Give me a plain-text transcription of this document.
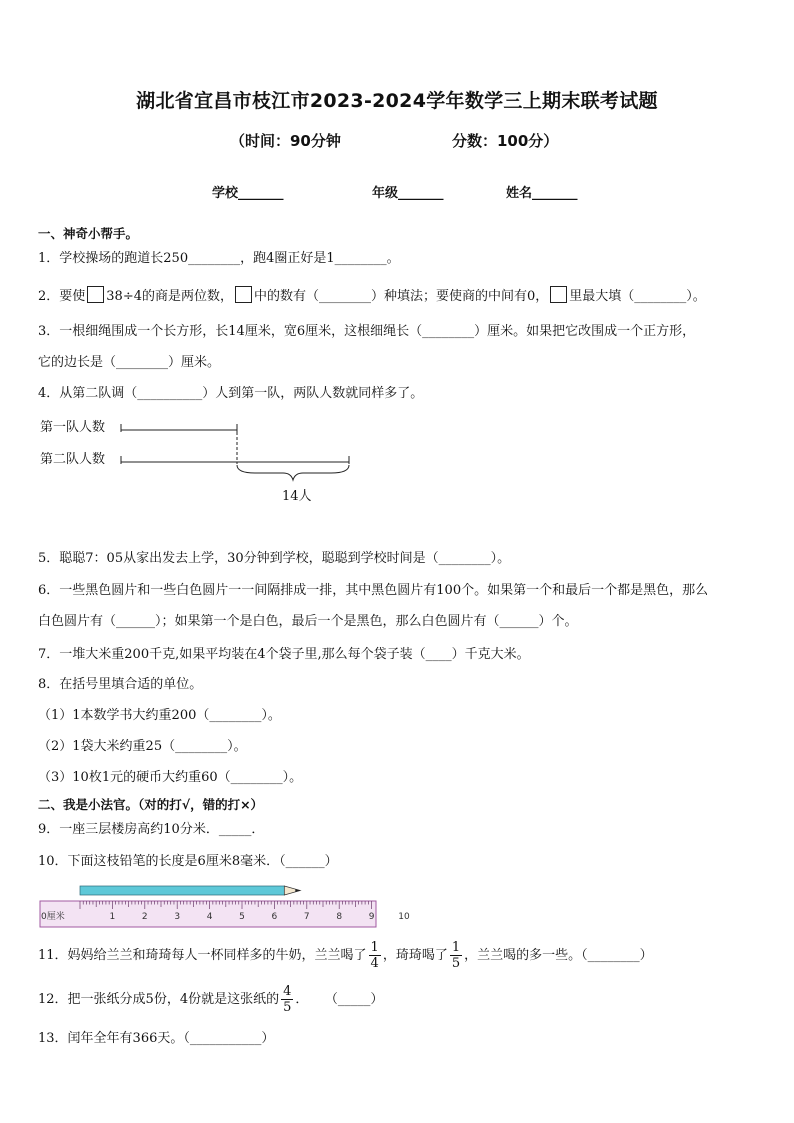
湖北省宜昌市枝江市2023-2024学年数学三上期末联考试题
（时间：90分钟	分数：100分）
学校_______	年级_______	姓名_______
一、神奇小帮手。
1．学校操场的跑道长250________，跑4圈正好是1________。
2．要使 38÷4的商是两位数， 中的数有（________）种填法；要使商的中间有0， 里最大填（________）。
3．一根细绳围成一个长方形，长14厘米，宽6厘米，这根细绳长（________）厘米。如果把它改围成一个正方形，
它的边长是（________）厘米。
4．从第二队调（__________）人到第一队，两队人数就同样多了。
第一队人数
第二队人数
14人
5．聪聪7：05从家出发去上学，30分钟到学校，聪聪到学校时间是（________）。
6．一些黑色圆片和一些白色圆片一一间隔排成一排，其中黑色圆片有100个。如果第一个和最后一个都是黑色，那么
白色圆片有（______）；如果第一个是白色，最后一个是黑色，那么白色圆片有（______）个。
7．一堆大米重200千克,如果平均装在4个袋子里,那么每个袋子装（____）千克大米。
8．在括号里填合适的单位。
（1）1本数学书大约重200（________）。
（2）1袋大米约重25（________）。
（3）10枚1元的硬币大约重60（________）。
二、我是小法官。（对的打√，错的打×）
9．一座三层楼房高约10分米．_____．
10．下面这枝铅笔的长度是6厘米8毫米．（______）
0厘米	1	2	3	4	5	6	7	8	9	10
11．妈妈给兰兰和琦琦每人一杯同样多的牛奶，兰兰喝了 $\frac{1}{4}$ ，琦琦喝了 $\frac{1}{5}$ ，兰兰喝的多一些。（________）
12．把一张纸分成5份，4份就是这张纸的 $\frac{4}{5}$ ．    （_____）
13．闰年全年有366天。（___________）
